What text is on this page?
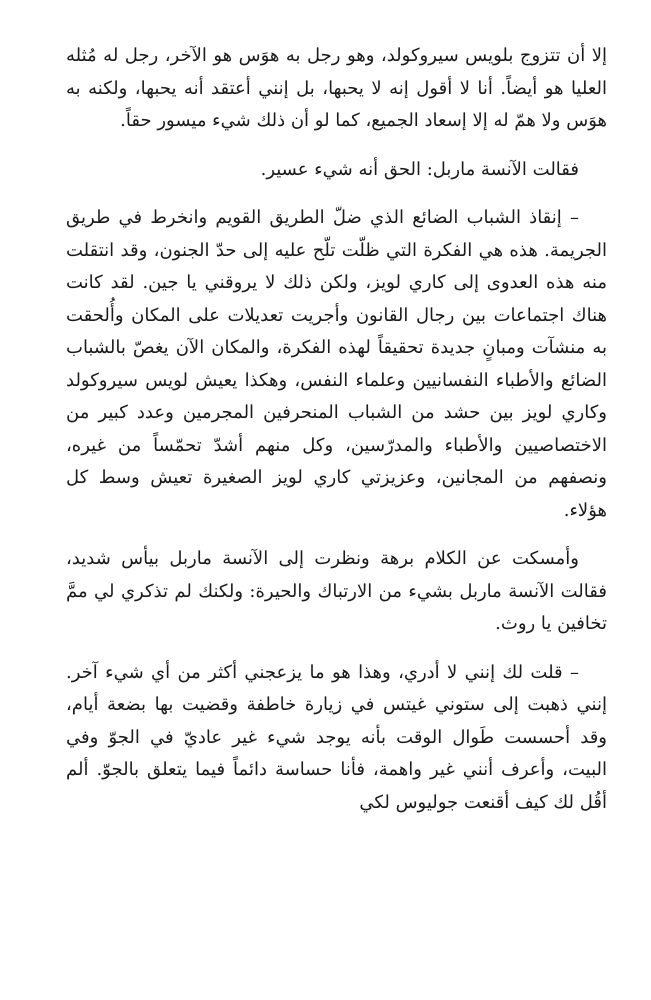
إلا أن تتزوج بلويس سيروكولد، وهو رجل به هوَس هو الآخر، رجل له مُثله العليا هو أيضاً. أنا لا أقول إنه لا يحبها، بل إنني أعتقد أنه يحبها، ولكنه به هوَس ولا همّ له إلا إسعاد الجميع، كما لو أن ذلك شيء ميسور حقاً.

فقالت الآنسة ماربل: الحق أنه شيء عسير.

– إنقاذ الشباب الضائع الذي ضلّ الطريق القويم وانخرط في طريق الجريمة. هذه هي الفكرة التي ظلّت تلّح عليه إلى حدّ الجنون، وقد انتقلت منه هذه العدوى إلى كاري لويز، ولكن ذلك لا يروقني يا جين. لقد كانت هناك اجتماعات بين رجال القانون وأجريت تعديلات على المكان وأُلحقت به منشآت ومبانٍ جديدة تحقيقاً لهذه الفكرة، والمكان الآن يغصّ بالشباب الضائع والأطباء النفسانيين وعلماء النفس، وهكذا يعيش لويس سيروكولد وكاري لويز بين حشد من الشباب المنحرفين المجرمين وعدد كبير من الاختصاصيين والأطباء والمدرّسين، وكل منهم أشدّ تحمّساً من غيره، ونصفهم من المجانين، وعزيزتي كاري لويز الصغيرة تعيش وسط كل هؤلاء.

وأمسكت عن الكلام برهة ونظرت إلى الآنسة ماربل بيأس شديد، فقالت الآنسة ماربل بشيء من الارتباك والحيرة: ولكنك لم تذكري لي ممَّ تخافين يا روث.

– قلت لك إنني لا أدري، وهذا هو ما يزعجني أكثر من أي شيء آخر. إنني ذهبت إلى ستوني غيتس في زيارة خاطفة وقضيت بها بضعة أيام، وقد أحسست طَوال الوقت بأنه يوجد شيء غير عاديّ في الجوّ وفي البيت، وأعرف أنني غير واهمة، فأنا حساسة دائماً فيما يتعلق بالجوّ. ألم أقُل لك كيف أقنعت جوليوس لكي
